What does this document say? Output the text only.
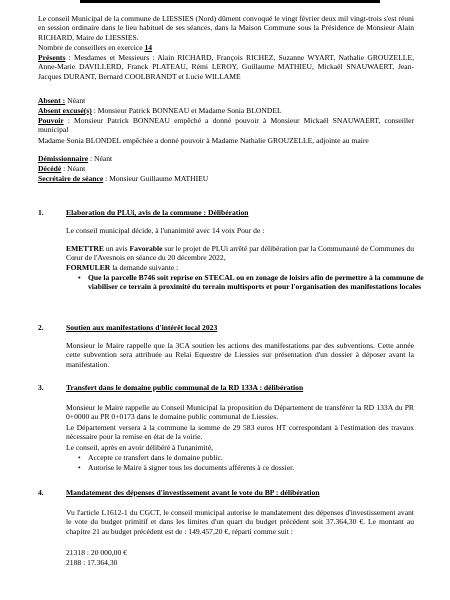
Le conseil Municipal de la commune de LIESSIES (Nord) dûment convoqué le vingt février deux mil vingt-trois s'est réuni en session ordinaire dans le lieu habituel de ses séances, dans la Maison Commune sous la Présidence de Monsieur Alain RICHARD, Maire de LIESSIES.

Nombre de conseillers en exercice 14

Présents : Mesdames et Messieurs : Alain RICHARD, François RICHEZ, Suzanne WYART, Nathalie GROUZELLE, Anne-Marie DAVILLERD, Franck PLATEAU, Rémi LEROY, Guillaume MATHIEU, Mickaël SNAUWAERT, Jean-Jacques DURANT, Bernard COOLBRANDT et Lucie WILLAME

Absent : Néant

Absent excusé(s) : Monsieur Patrick BONNEAU et Madame Sonia BLONDEL

Pouvoir : Monsieur Patrick BONNEAU empêché a donné pouvoir à Monsieur Mickaël SNAUWAERT, conseiller municipal

Madame Sonia BLONDEL empêchée a donné pouvoir à Madame Nathalie GROUZELLE, adjointe au maire

Démissionnaire : Néant

Décédé : Néant

Secrétaire de séance : Monsieur Guillaume MATHIEU

1.	Elaboration du PLUi, avis de la commune : Délibération

Le conseil municipal décide, à l'unanimité avec 14 voix Pour de :

EMETTRE un avis Favorable sur le projet de PLUi arrêté par délibération par la Communauté de Communes du Cœur de l'Avesnois en séance du 20 décembre 2022,

FORMULER la demande suivante :

• Que la parcelle B746 soit reprise en STECAL ou en zonage de loisirs afin de permettre à la commune de viabiliser ce terrain à proximité du terrain multisports et pour l'organisation des manifestations locales
2.	Soutien aux manifestations d'intérêt local 2023

Monsieur le Maire rappelle que la 3CA soutien les actions des manifestations par des subventions. Cette année cette subvention sera attribuée au Relai Equestre de Liessies sur présentation d'un dossier à déposer avant la manifestation.

3.	Transfert dans le domaine public communal de la RD 133A : délibération

Monsieur le Maire rappelle au Conseil Municipal la proposition du Département de transférer la RD 133A du PR 0+0000 au PR 0+0173 dans le domaine public communal de Liessies.

Le Département versera à la commune la somme de 29 583 euros HT correspondant à l'estimation des travaux nécessaire pour la remise en état de la voirie.

Le conseil, après en avoir délibéré à l'unanimité,

• Accepte ce transfert dans le domaine public.
• Autorise le Maire à signer tous les documents afférents à ce dossier.
4.	Mandatement des dépenses d'investissement avant le vote du BP : délibération

Vu l'article L1612-1 du CGCT, le conseil municipal autorise le mandatement des dépenses d'investissement avant le vote du budget primitif et dans les limites d'un quart du budget précédent soit 37.364,30 €. Le montant au chapitre 21 au budget précédent est de : 149.457,20 €, réparti comme suit :

21318 : 20 000,00 €

2188 : 17.364,30
